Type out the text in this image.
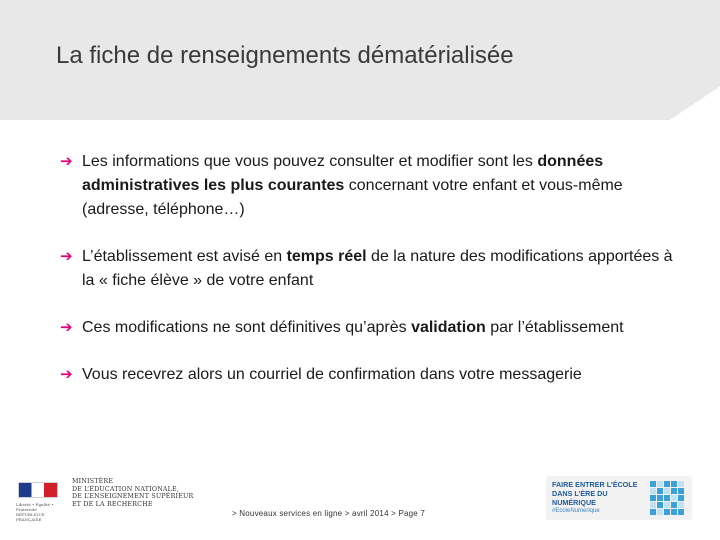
La fiche de renseignements dématérialisée
➔ Les informations que vous pouvez consulter et modifier sont les données administratives les plus courantes concernant votre enfant et vous-même (adresse, téléphone…)
➔ L’établissement est avisé en temps réel de la nature des modifications apportées à la « fiche élève » de votre enfant
➔ Ces modifications ne sont définitives qu’après validation par l’établissement
➔ Vous recevrez alors un courriel de confirmation dans votre messagerie
Liberté • Égalité • Fraternité RÉPUBLIQUE FRANÇAISE
MINISTÈRE
DE L’ÉDUCATION NATIONALE,
DE L’ENSEIGNEMENT SUPÉRIEUR
ET DE LA RECHERCHE
FAIRE ENTRER L’ÉCOLE
DANS L’ÈRE DU NUMÉRIQUE
#EcoleNumerique
> Nouveaux services en ligne > avril 2014 > Page 7
